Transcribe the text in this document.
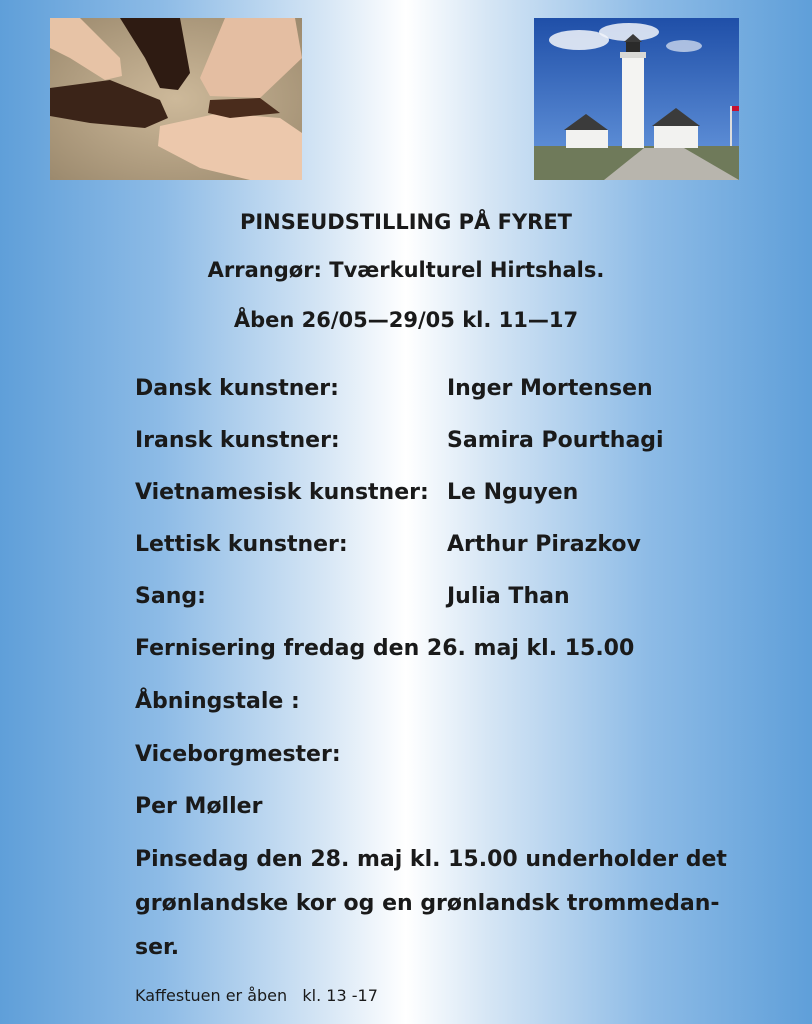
PINSEUDSTILLING PÅ FYRET
Arrangør: Tværkulturel Hirtshals.
Åben 26/05—29/05 kl. 11—17
Dansk kunstner:	Inger Mortensen
Iransk kunstner:	Samira Pourthagi
Vietnamesisk kunstner: Le Nguyen
Lettisk kunstner:	Arthur Pirazkov
Sang:	Julia Than
Fernisering fredag den 26. maj kl. 15.00
Åbningstale :
Viceborgmester:
Per Møller
Pinsedag den 28. maj kl. 15.00 underholder det grønlandske kor og en grønlandsk trommedan-ser.
Kaffestuen er åben   kl. 13 -17
